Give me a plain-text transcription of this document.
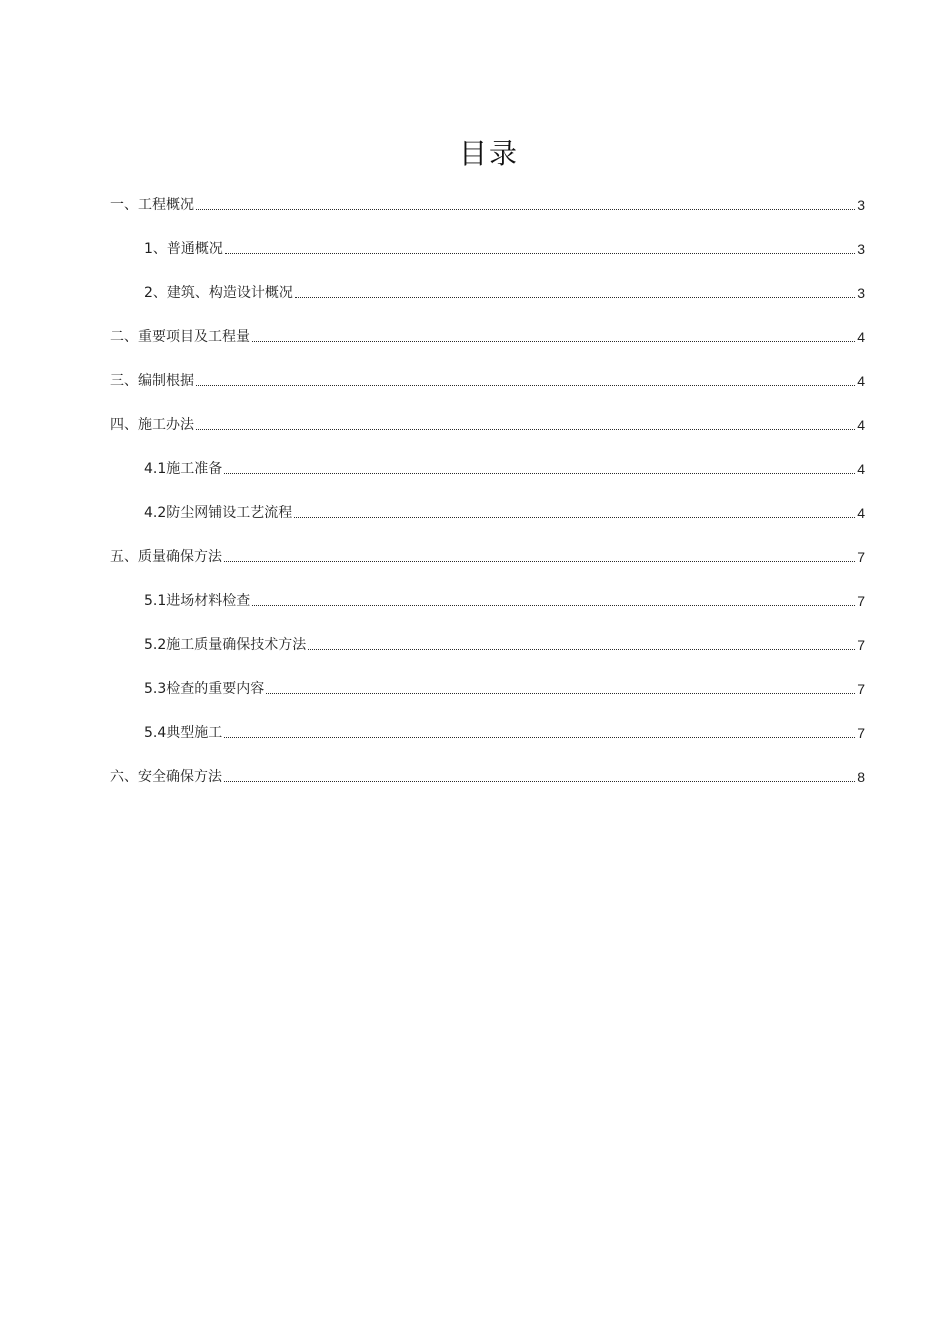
目录
一、工程概况	3
1、普通概况	3
2、建筑、构造设计概况	3
二、重要项目及工程量	4
三、编制根据	4
四、施工办法	4
4.1施工准备	4
4.2防尘网铺设工艺流程	4
五、质量确保方法	7
5.1进场材料检查	7
5.2施工质量确保技术方法	7
5.3检查的重要内容	7
5.4典型施工	7
六、安全确保方法	8
